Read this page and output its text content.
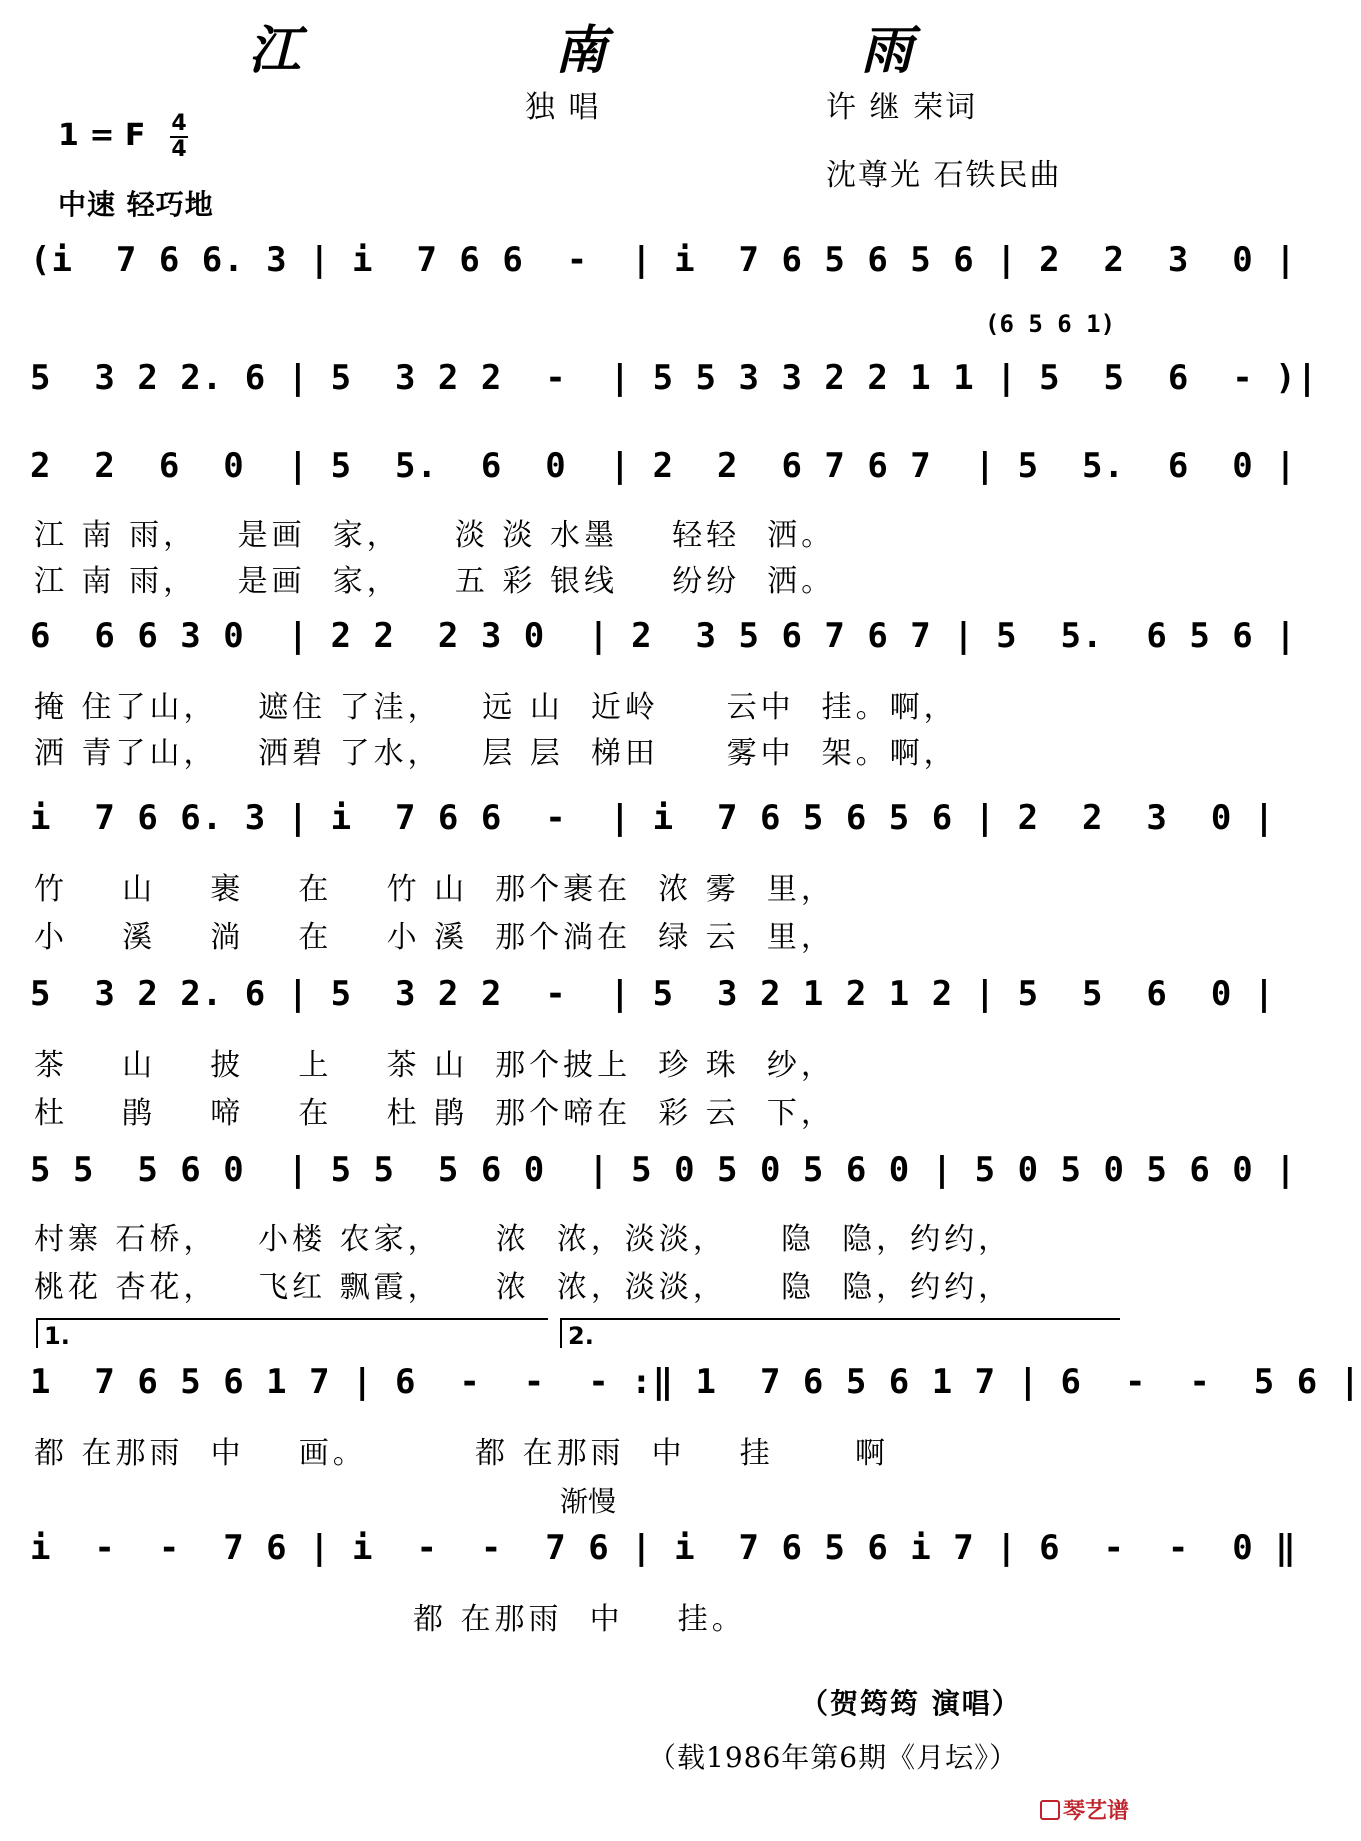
江 南 雨
独 唱	许 继 荣词
沈尊光 石铁民曲
1 = F 4
4
中速 轻巧地
(i  7 6 6. 3 | i  7 6 6  -  | i  7 6 5 6 5 6 | 2  2  3  0 |
(6 5 6 1)
5  3 2 2. 6 | 5  3 2 2  -  | 5 5 3 3 2 2 1 1 | 5  5  6  - )|
2  2  6  0  | 5  5.  6  0  | 2  2  6 7 6 7  | 5  5.  6  0 |
江 南 雨，   是画  家，    淡 淡 水墨    轻轻  洒。
江 南 雨，   是画  家，    五 彩 银线    纷纷  洒。
6  6 6 3 0  | 2 2  2 3 0  | 2  3 5 6 7 6 7 | 5  5.  6 5 6 |
掩 住了山，   遮住 了洼，   远 山  近岭     云中  挂。啊，
洒 青了山，   洒碧 了水，   层 层  梯田     雾中  架。啊，
i  7 6 6. 3 | i  7 6 6  -  | i  7 6 5 6 5 6 | 2  2  3  0 |
竹    山    裹    在    竹 山  那个裹在  浓 雾  里，
小    溪    淌    在    小 溪  那个淌在  绿 云  里，
5  3 2 2. 6 | 5  3 2 2  -  | 5  3 2 1 2 1 2 | 5  5  6  0 |
茶    山    披    上    茶 山  那个披上  珍 珠  纱，
杜    鹃    啼    在    杜 鹃  那个啼在  彩 云  下，
5 5  5 6 0  | 5 5  5 6 0  | 5 0 5 0 5 6 0 | 5 0 5 0 5 6 0 |
村寨 石桥，   小楼 农家，    浓  浓，淡淡，    隐  隐，约约，
桃花 杏花，   飞红 飘霞，    浓  浓，淡淡，    隐  隐，约约，
1.	2.
1  7 6 5 6 1 7 | 6  -  -  - :‖ 1  7 6 5 6 1 7 | 6  -  -  5 6 |
都 在那雨  中    画。        都 在那雨  中    挂      啊
渐慢
i  -  -  7 6 | i  -  -  7 6 | i  7 6 5 6 i 7 | 6  -  -  0 ‖
都 在那雨  中    挂。
（贺筠筠 演唱）
（载1986年第6期《月坛》）
琴艺谱
